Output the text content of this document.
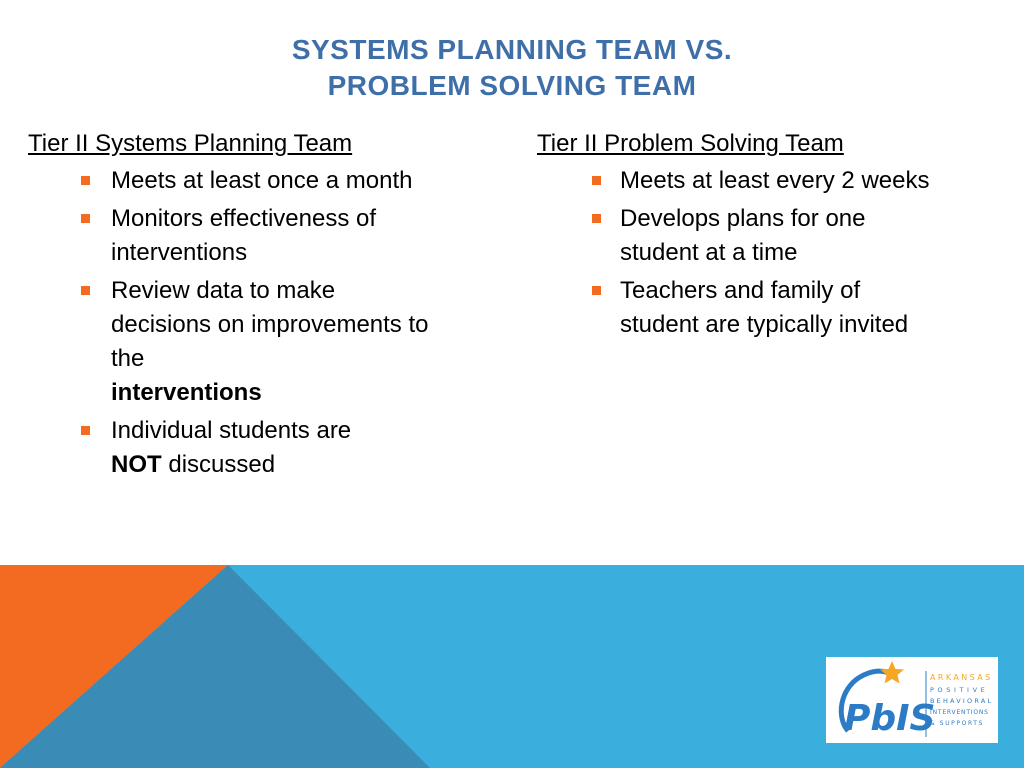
SYSTEMS PLANNING TEAM VS.
PROBLEM SOLVING TEAM
Tier II Systems Planning Team
Meets at least once a month
Monitors effectiveness of interventions
Review data to make decisions on improvements to the
interventions
Individual students are
NOT discussed
Tier II Problem Solving Team
Meets at least every 2 weeks
Develops plans for one student at a time
Teachers and family of student are typically invited
PbIS
ARKANSAS
POSITIVE
BEHAVIORAL
INTERVENTIONS
& SUPPORTS
